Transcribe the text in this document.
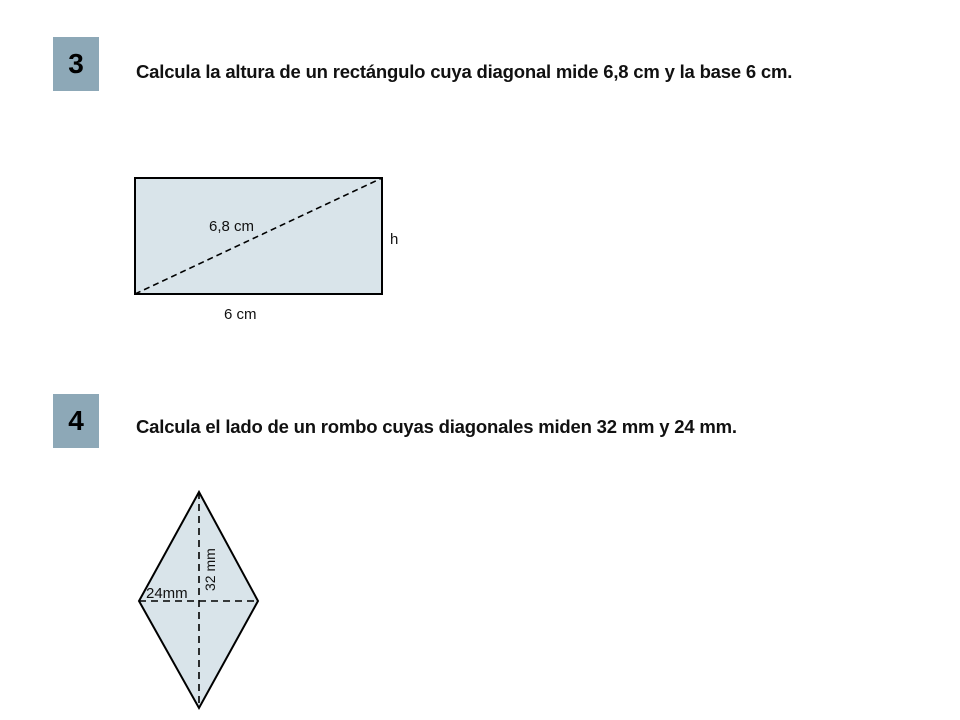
3	Calcula la altura de un rectángulo cuya diagonal mide 6,8 cm y la base 6 cm.
6,8 cm
h
6 cm
4	Calcula el lado de un rombo cuyas diagonales miden 32 mm y 24 mm.
24mm
32 mm
